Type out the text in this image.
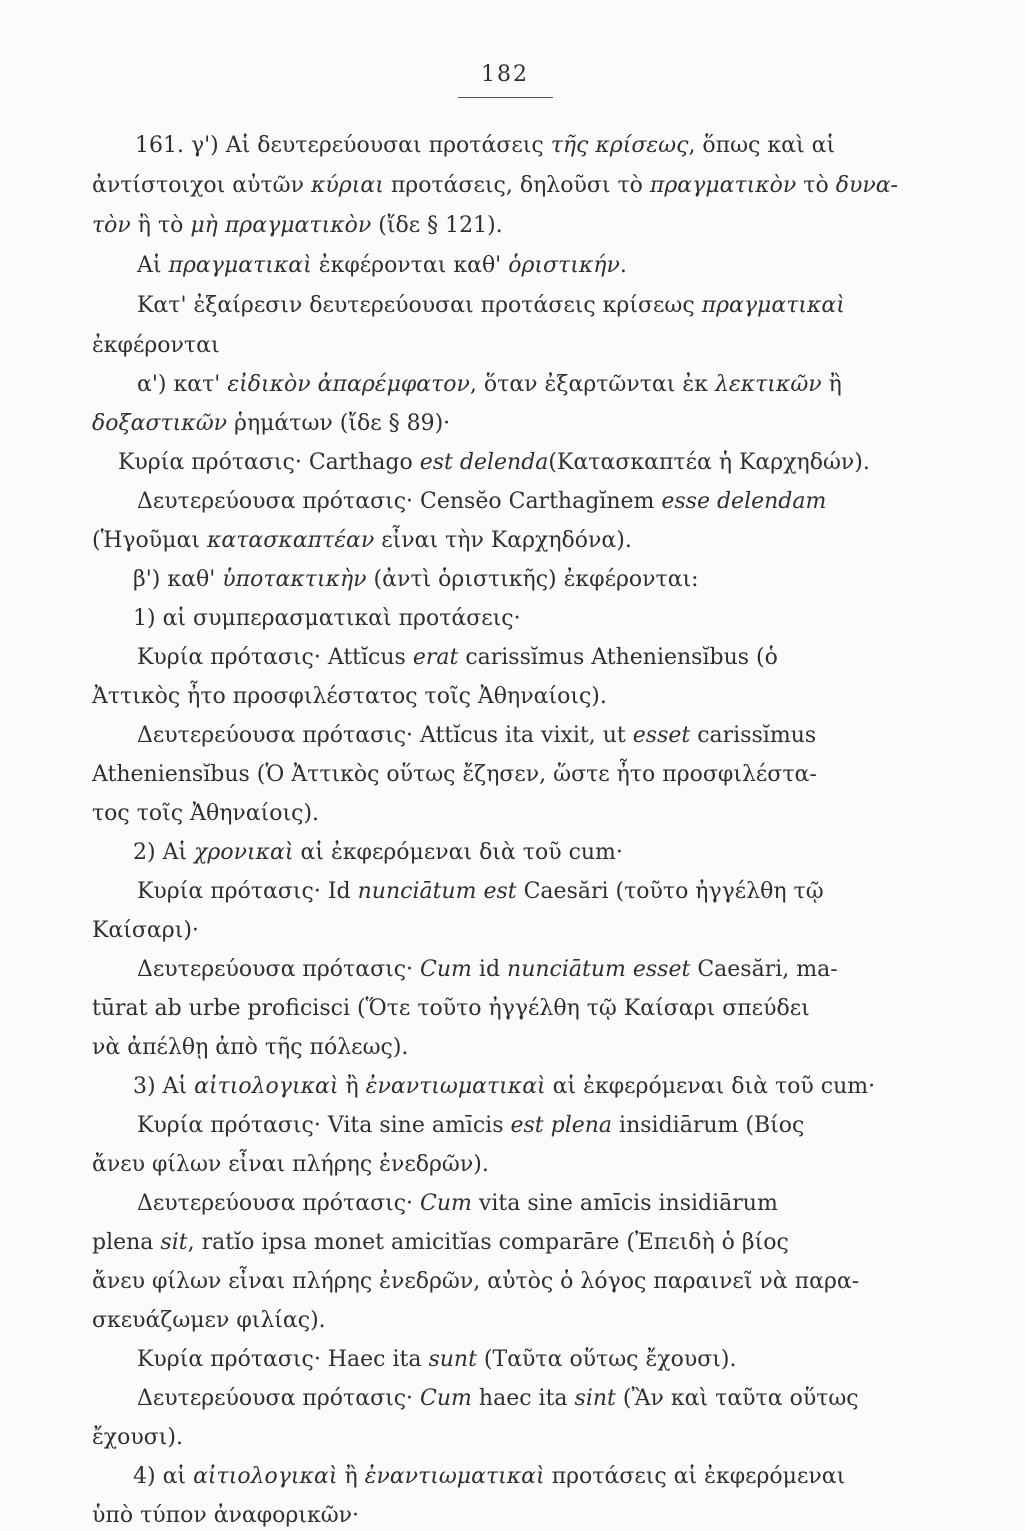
182
161. γ') Αἱ δευτερεύουσαι προτάσεις τῆς κρίσεως, ὅπως καὶ αἱ
ἀντίστοιχοι αὐτῶν κύριαι προτάσεις, δηλοῦσι τὸ πραγματικὸν τὸ δυνα-
τὸν ἢ τὸ μὴ πραγματικὸν (ἴδε § 121).
Αἱ πραγματικαὶ ἐκφέρονται καθ' ὁριστικήν.
Κατ' ἐξαίρεσιν δευτερεύουσαι προτάσεις κρίσεως πραγματικαὶ
ἐκφέρονται
α') κατ' εἰδικὸν ἀπαρέμφατον, ὅταν ἐξαρτῶνται ἐκ λεκτικῶν ἢ
δοξαστικῶν ῥημάτων (ἴδε § 89)·
Κυρία πρότασις· Carthago est delenda(Κατασκαπτέα ἡ Καρχηδών).
Δευτερεύουσα πρότασις· Censĕo Carthagĭnem esse delendam
(Ἡγοῦμαι κατασκαπτέαν εἶναι τὴν Καρχηδόνα).
β') καθ' ὑποτακτικὴν (ἀντὶ ὁριστικῆς) ἐκφέρονται:
1) αἱ συμπερασματικαὶ προτάσεις·
Κυρία πρότασις· Attĭcus erat carissĭmus Atheniensĭbus (ὁ
Ἀττικὸς ἦτο προσφιλέστατος τοῖς Ἀθηναίοις).
Δευτερεύουσα πρότασις· Attĭcus ita vixit, ut esset carissĭmus
Atheniensĭbus (Ὁ Ἀττικὸς οὕτως ἔζησεν, ὥστε ἦτο προσφιλέστα-
τος τοῖς Ἀθηναίοις).
2) Αἱ χρονικαὶ αἱ ἐκφερόμεναι διὰ τοῦ cum·
Κυρία πρότασις· Id nunciātum est Caesări (τοῦτο ἠγγέλθη τῷ
Καίσαρι)·
Δευτερεύουσα πρότασις· Cum id nunciātum esset Caesări, ma-
tūrat ab urbe proficisci (Ὅτε τοῦτο ἠγγέλθη τῷ Καίσαρι σπεύδει
νὰ ἀπέλθῃ ἀπὸ τῆς πόλεως).
3) Αἱ αἰτιολογικαὶ ἢ ἐναντιωματικαὶ αἱ ἐκφερόμεναι διὰ τοῦ cum·
Κυρία πρότασις· Vita sine amīcis est plena insidiārum (Βίος
ἄνευ φίλων εἶναι πλήρης ἐνεδρῶν).
Δευτερεύουσα πρότασις· Cum vita sine amīcis insidiārum
plena sit, ratĭo ipsa monet amicitĭas comparāre (Ἐπειδὴ ὁ βίος
ἄνευ φίλων εἶναι πλήρης ἐνεδρῶν, αὐτὸς ὁ λόγος παραινεῖ νὰ παρα-
σκευάζωμεν φιλίας).
Κυρία πρότασις· Haec ita sunt (Ταῦτα οὕτως ἔχουσι).
Δευτερεύουσα πρότασις· Cum haec ita sint (Ἂν καὶ ταῦτα οὕτως
ἔχουσι).
4) αἱ αἰτιολογικαὶ ἢ ἐναντιωματικαὶ προτάσεις αἱ ἐκφερόμεναι
ὑπὸ τύπον ἀναφορικῶν·
